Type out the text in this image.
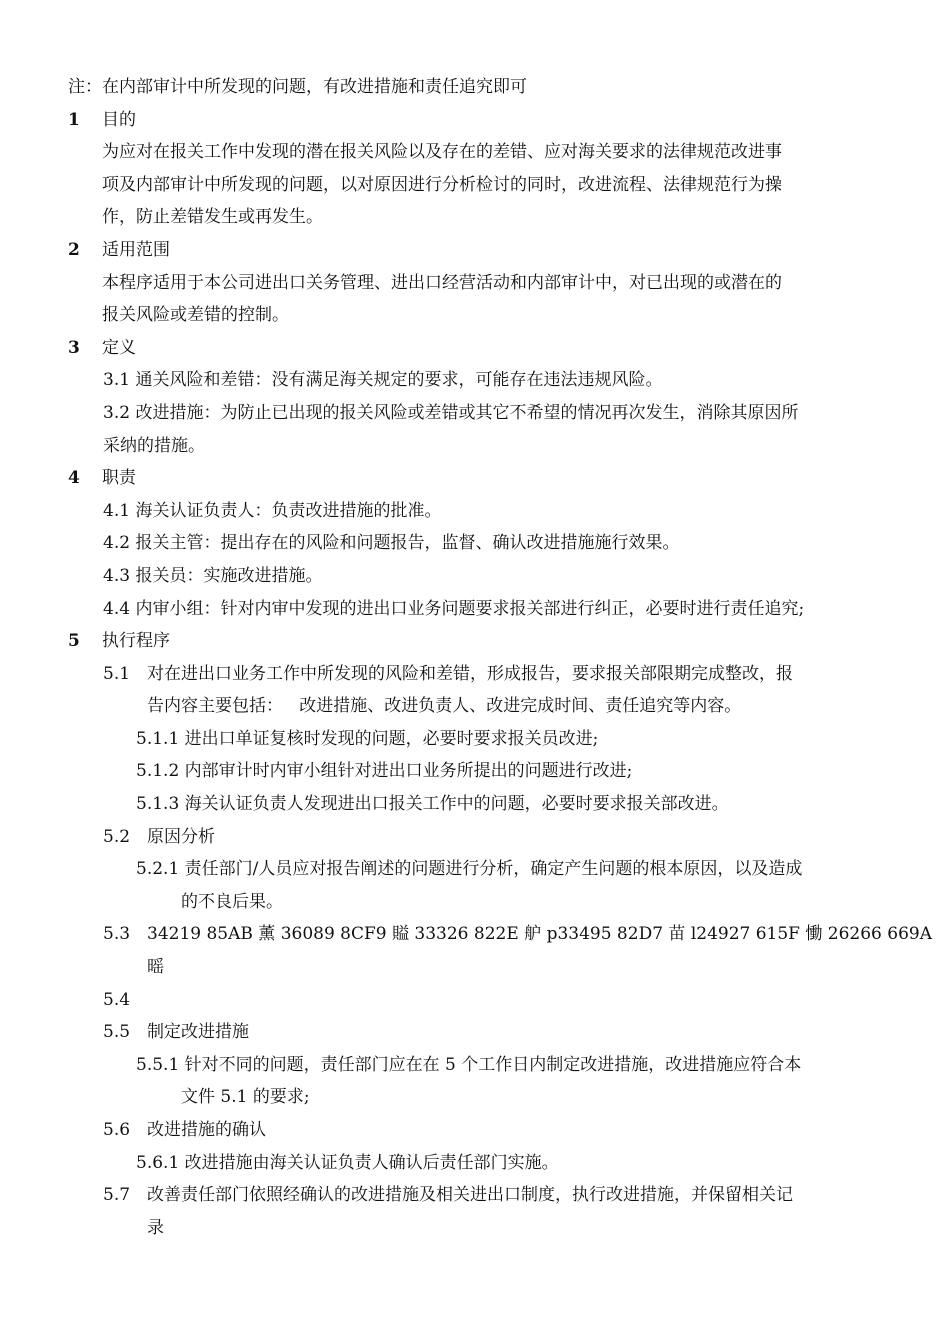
注：在内部审计中所发现的问题，有改进措施和责任追究即可
1 目的
为应对在报关工作中发现的潜在报关风险以及存在的差错、应对海关要求的法律规范改进事
项及内部审计中所发现的问题，以对原因进行分析检讨的同时，改进流程、法律规范行为操
作，防止差错发生或再发生。
2 适用范围
本程序适用于本公司进出口关务管理、进出口经营活动和内部审计中，对已出现的或潜在的
报关风险或差错的控制。
3 定义
3.1 通关风险和差错：没有满足海关规定的要求，可能存在违法违规风险。
3.2 改进措施：为防止已出现的报关风险或差错或其它不希望的情况再次发生，消除其原因所
采纳的措施。
4 职责
4.1 海关认证负责人：负责改进措施的批准。
4.2 报关主管：提出存在的风险和问题报告，监督、确认改进措施施行效果。
4.3 报关员：实施改进措施。
4.4 内审小组：针对内审中发现的进出口业务问题要求报关部进行纠正，必要时进行责任追究;
5 执行程序
5.1 对在进出口业务工作中所发现的风险和差错，形成报告，要求报关部限期完成整改，报
告内容主要包括：   改进措施、改进负责人、改进完成时间、责任追究等内容。
5.1.1 进出口单证复核时发现的问题，必要时要求报关员改进;
5.1.2 内部审计时内审小组针对进出口业务所提出的问题进行改进;
5.1.3 海关认证负责人发现进出口报关工作中的问题，必要时要求报关部改进。
5.2 原因分析
5.2.1 责任部门/人员应对报告阐述的问题进行分析，确定产生问题的根本原因，以及造成
的不良后果。
5.3 34219 85AB 薰 36089 8CF9 賹 33326 822E 舮 p33495 82D7 苗 l24927 615F 慟 26266 669A
暚
5.4
5.5 制定改进措施
5.5.1 针对不同的问题，责任部门应在在 5 个工作日内制定改进措施，改进措施应符合本
文件 5.1 的要求;
5.6 改进措施的确认
5.6.1 改进措施由海关认证负责人确认后责任部门实施。
5.7 改善责任部门依照经确认的改进措施及相关进出口制度，执行改进措施，并保留相关记
录
